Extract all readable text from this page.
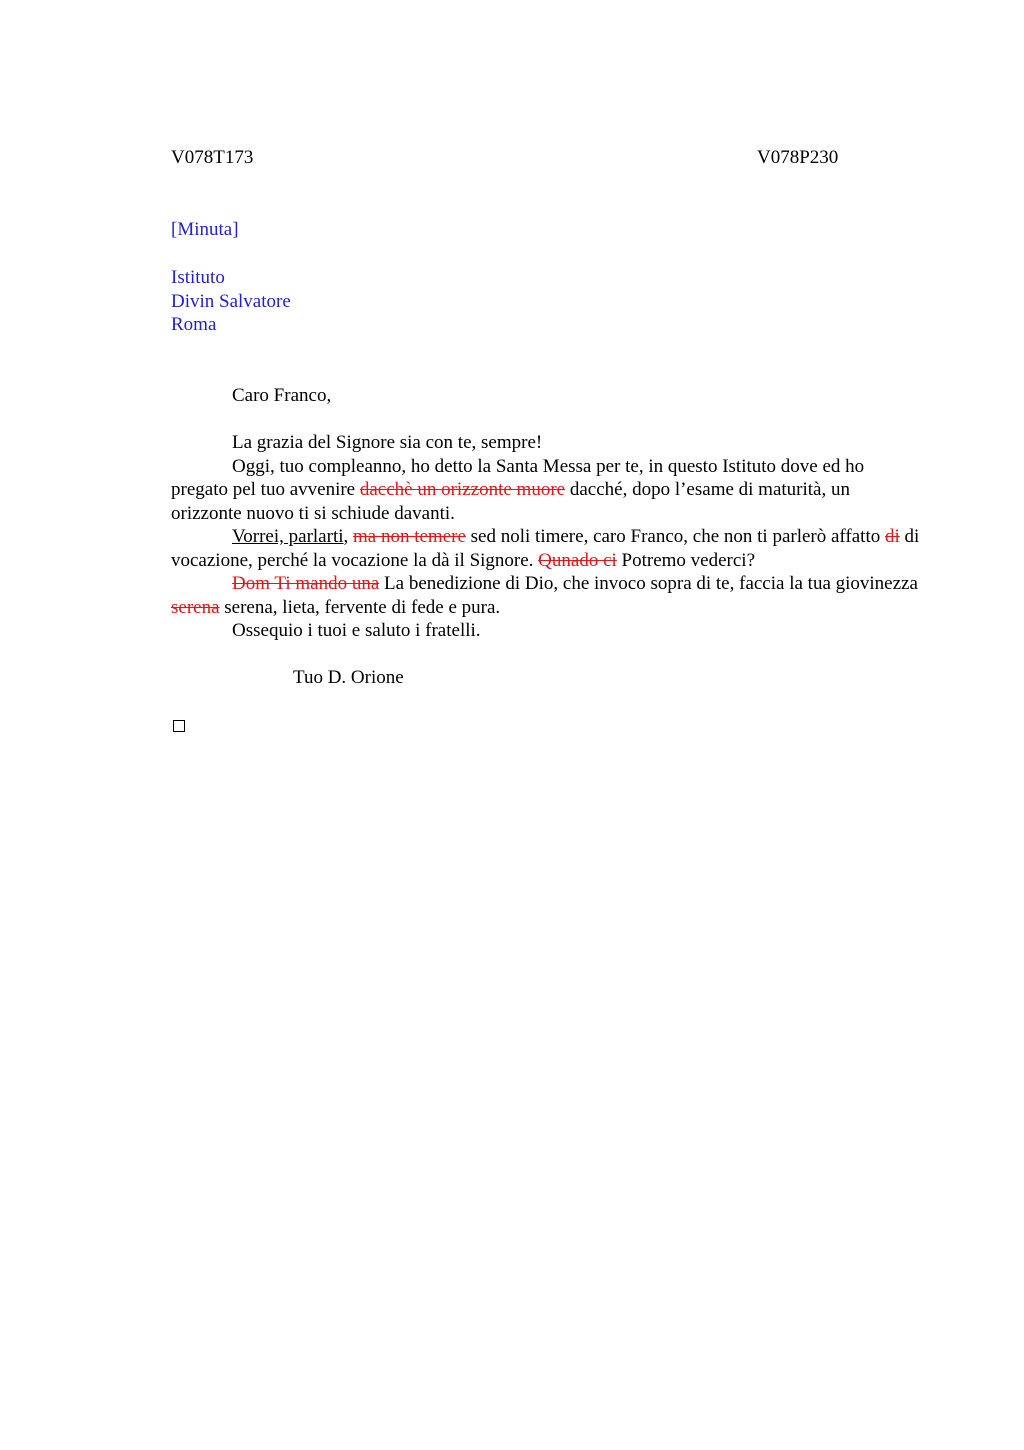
V078T173	V078P230
[Minuta]
Istituto
Divin Salvatore
Roma
Caro Franco,

La grazia del Signore sia con te, sempre!

Oggi, tuo compleanno, ho detto la Santa Messa per te, in questo Istituto dove ed ho pregato pel tuo avvenire dacchè un orizzonte muore dacché, dopo l’esame di maturità, un orizzonte nuovo ti si schiude davanti.

Vorrei, parlarti, ma non temere sed noli timere, caro Franco, che non ti parlerò affatto di di vocazione, perché la vocazione la dà il Signore. Qunado ci Potremo vederci?

Dom Ti mando una La benedizione di Dio, che invoco sopra di te, faccia la tua giovinezza serena serena, lieta, fervente di fede e pura.

Ossequio i tuoi e saluto i fratelli.

Tuo D. Orione
